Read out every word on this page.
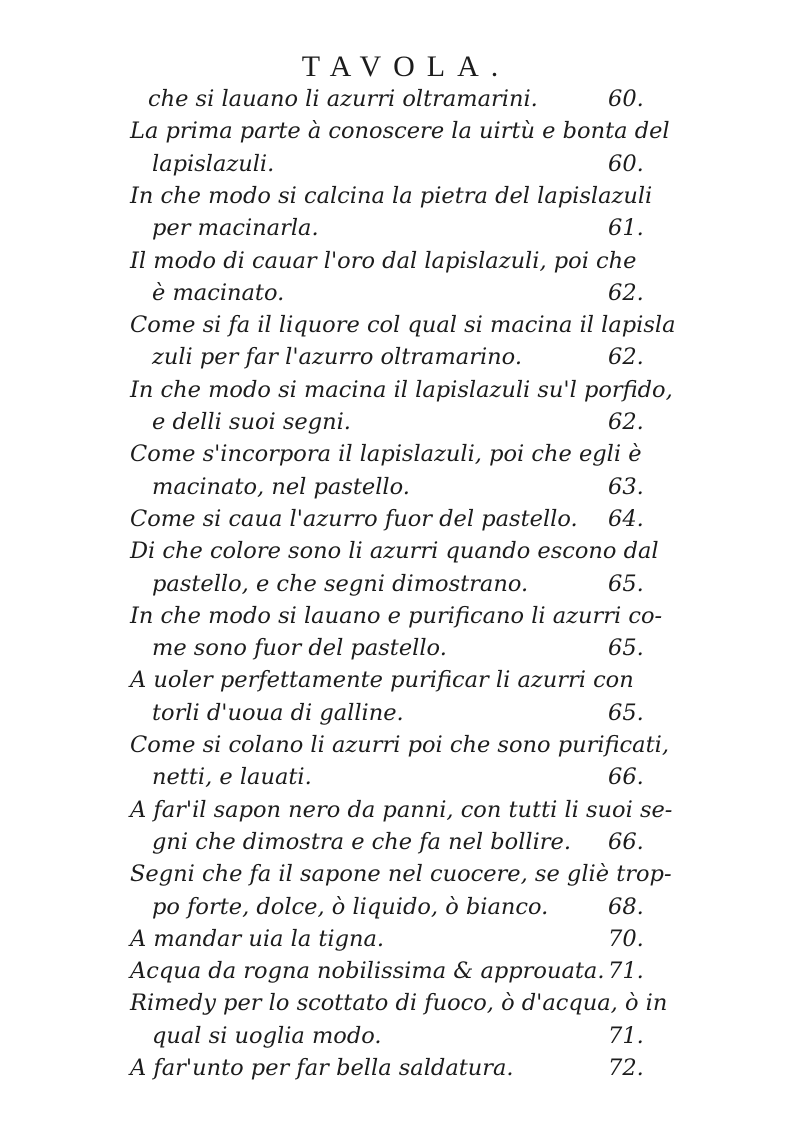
TAVOLA.
che si lauano li azurri oltramarini.	60.
La prima parte à conoscere la uirtù e bonta del
lapislazuli.	60.
In che modo si calcina la pietra del lapislazuli
per macinarla.	61.
Il modo di cauar l'oro dal lapislazuli, poi che
è macinato.	62.
Come si fa il liquore col qual si macina il lapisla
zuli per far l'azurro oltramarino.	62.
In che modo si macina il lapislazuli su'l porfido,
e delli suoi segni.	62.
Come s'incorpora il lapislazuli, poi che egli è
macinato, nel pastello.	63.
Come si caua l'azurro fuor del pastello. 64.
Di che colore sono li azurri quando escono dal
pastello, e che segni dimostrano.	65.
In che modo si lauano e purificano li azurri co-
me sono fuor del pastello.	65.
A uoler perfettamente purificar li azurri con
torli d'uoua di galline.	65.
Come si colano li azurri poi che sono purificati,
netti, e lauati.	66.
A far'il sapon nero da panni, con tutti li suoi se-
gni che dimostra e che fa nel bollire. 66.
Segni che fa il sapone nel cuocere, se gliè trop-
po forte, dolce, ò liquido, ò bianco.	68.
A mandar uia la tigna.	70.
Acqua da rogna nobilissima & approuata. 71.
Rimedy per lo scottato di fuoco, ò d'acqua, ò in
qual si uoglia modo.	71.
A far'unto per far bella saldatura.	72.
